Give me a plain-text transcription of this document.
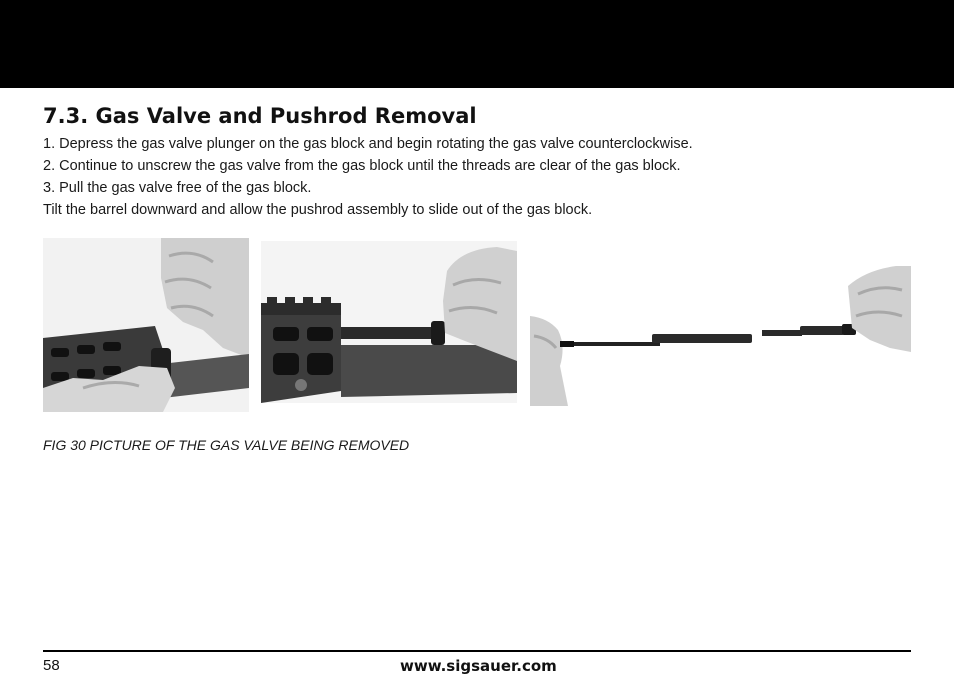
7.3. Gas Valve and Pushrod Removal
1. Depress the gas valve plunger on the gas block and begin rotating the gas valve counterclockwise.
2. Continue to unscrew the gas valve from the gas block until the threads are clear of the gas block.
3. Pull the gas valve free of the gas block.
Tilt the barrel downward and allow the pushrod assembly to slide out of the gas block.
FIG 30 PICTURE OF THE GAS VALVE BEING REMOVED
58	www.sigsauer.com
